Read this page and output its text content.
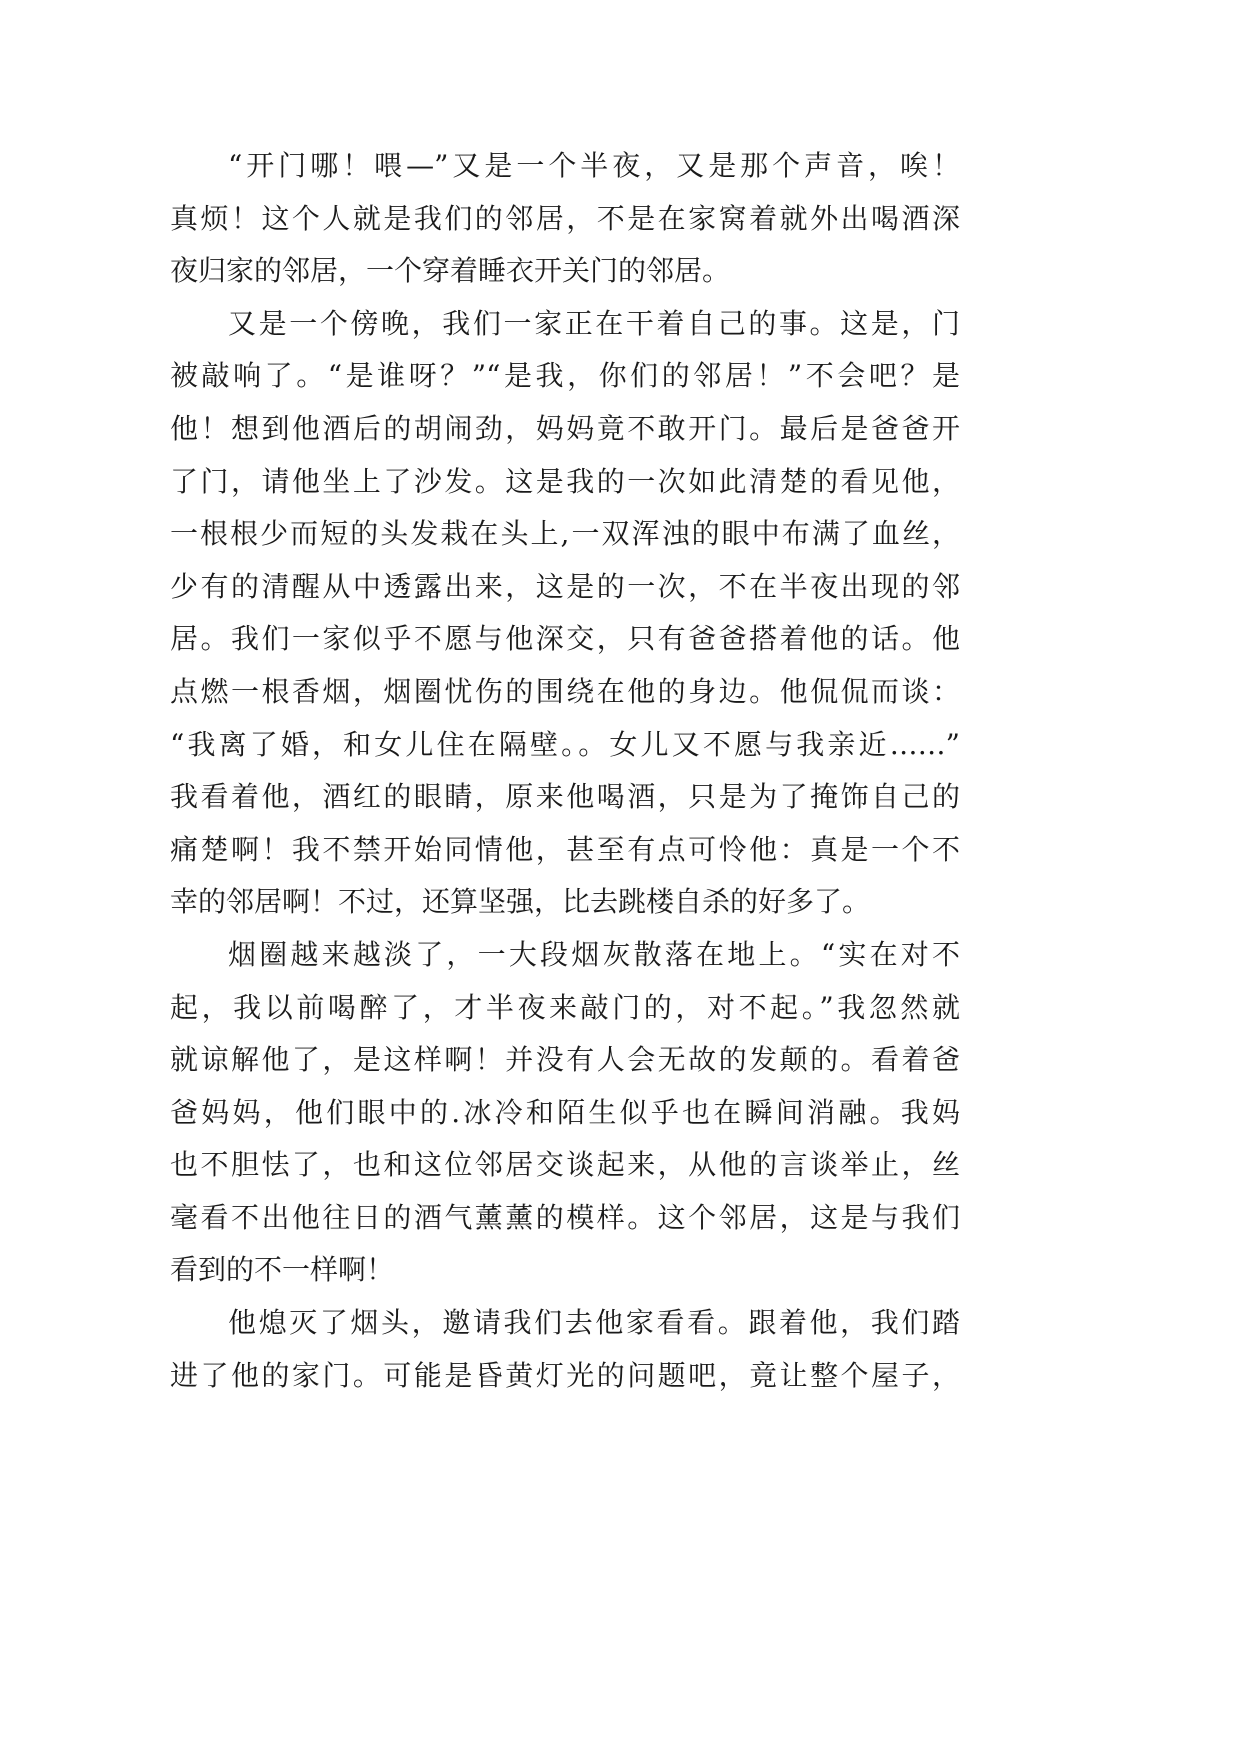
“开门哪！喂—”又是一个半夜，又是那个声音，唉！
真烦！这个人就是我们的邻居，不是在家窝着就外出喝酒深
夜归家的邻居，一个穿着睡衣开关门的邻居。
又是一个傍晚，我们一家正在干着自己的事。这是，门
被敲响了。“是谁呀？”“是我，你们的邻居！”不会吧？是
他！想到他酒后的胡闹劲，妈妈竟不敢开门。最后是爸爸开
了门，请他坐上了沙发。这是我的一次如此清楚的看见他，
一根根少而短的头发栽在头上,一双浑浊的眼中布满了血丝，
少有的清醒从中透露出来，这是的一次，不在半夜出现的邻
居。我们一家似乎不愿与他深交，只有爸爸搭着他的话。他
点燃一根香烟，烟圈忧伤的围绕在他的身边。他侃侃而谈：
“我离了婚，和女儿住在隔壁。。女儿又不愿与我亲近……”
我看着他，酒红的眼睛，原来他喝酒，只是为了掩饰自己的
痛楚啊！我不禁开始同情他，甚至有点可怜他：真是一个不
幸的邻居啊！不过，还算坚强，比去跳楼自杀的好多了。
烟圈越来越淡了，一大段烟灰散落在地上。“实在对不
起，我以前喝醉了，才半夜来敲门的，对不起。”我忽然就
就谅解他了，是这样啊！并没有人会无故的发颠的。看着爸
爸妈妈，他们眼中的.冰冷和陌生似乎也在瞬间消融。我妈
也不胆怯了，也和这位邻居交谈起来，从他的言谈举止，丝
毫看不出他往日的酒气薰薰的模样。这个邻居，这是与我们
看到的不一样啊！
他熄灭了烟头，邀请我们去他家看看。跟着他，我们踏
进了他的家门。可能是昏黄灯光的问题吧，竟让整个屋子，
